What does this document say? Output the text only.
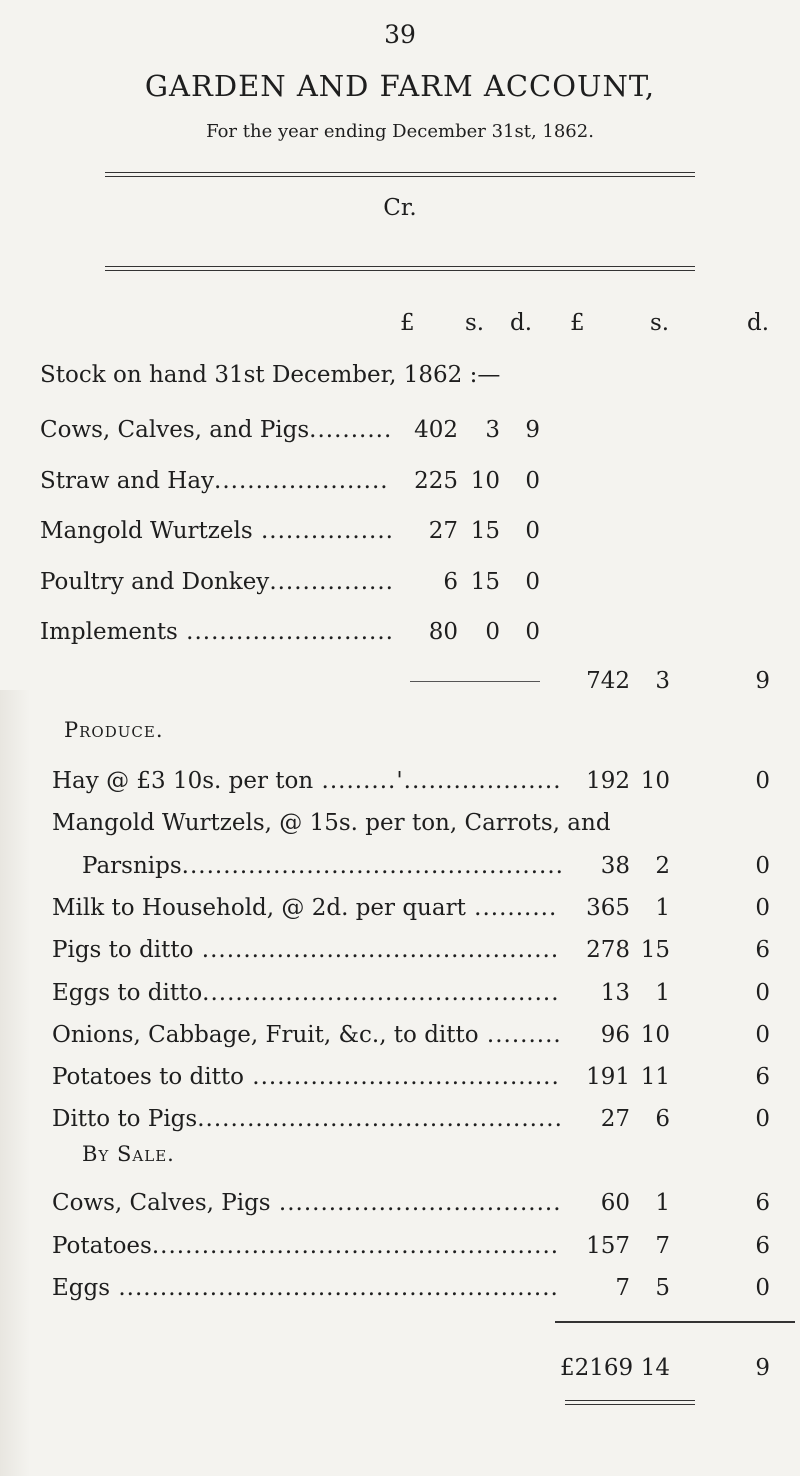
39
GARDEN AND FARM ACCOUNT,
For the year ending December 31st, 1862.
Cr.
£ s. d. £	s.	d.
Stock on hand 31st December, 1862 :—
Cows, Calves, and Pigs.......... 402	3	9
Straw and Hay.....................	225 10	0
Mangold Wurtzels ................	27 15	0
Poultry and Donkey...............	6 15	0
Implements .........................	80	0	0
742	3	9
Produce.
Hay @ £3 10s. per ton .........'...................	192 10	0
Mangold Wurtzels, @ 15s. per ton, Carrots, and
Parsnips..............................................	38	2	0
Milk to Household, @ 2d. per quart ..........	365	1	0
Pigs to ditto ...........................................	278 15	6
Eggs to ditto...........................................	13	1	0
Onions, Cabbage, Fruit, &c., to ditto .........	96 10	0
Potatoes to ditto .....................................	191 11	6
Ditto to Pigs............................................	27	6	0
By Sale.
Cows, Calves, Pigs ..................................	60	1	6
Potatoes.................................................	157	7	6
Eggs .....................................................	7	5	0
£2169 14	9
